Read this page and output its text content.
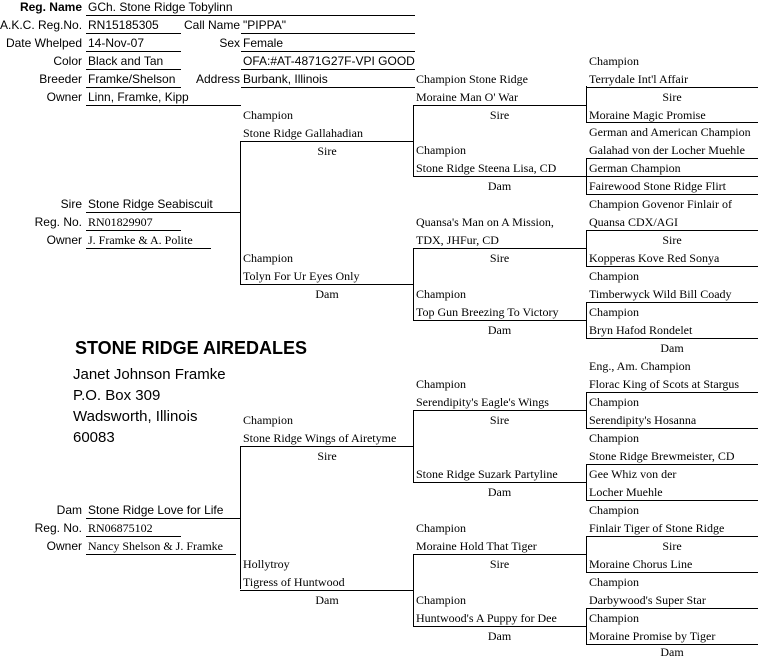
Reg. Name GCh. Stone Ridge Tobylinn
A.K.C. Reg.No. RN15185305	Call Name "PIPPA"
Date Whelped 14-Nov-07	Sex Female
Color Black and Tan	OFA:#AT-4871G27F-VPI GOOD
Breeder Framke/Shelson	Address Burbank, Illinois
Owner Linn, Framke, Kipp
Sire Stone Ridge Seabiscuit
Reg. No. RN01829907
Owner J. Framke & A. Polite
STONE RIDGE AIREDALES
Janet Johnson Framke
P.O. Box 309
Wadsworth, Illinois
60083
Dam Stone Ridge Love for Life
Reg. No. RN06875102
Owner Nancy Shelson & J. Framke
Champion
Stone Ridge Gallahadian
Sire
Champion
Tolyn For Ur Eyes Only
Dam
Champion
Stone Ridge Wings of Airetyme
Sire
Hollytroy
Tigress of Huntwood
Dam
Champion Stone Ridge
Moraine Man O' War
Sire
Champion
Stone Ridge Steena Lisa, CD
Dam
Quansa's Man on A Mission,
TDX, JHFur, CD
Sire
Champion
Top Gun Breezing To Victory
Dam
Champion
Serendipity's Eagle's Wings
Sire
Stone Ridge Suzark Partyline
Dam
Champion
Moraine Hold That Tiger
Sire
Champion
Huntwood's A Puppy for Dee
Dam
Champion
Terrydale Int'l Affair
Sire
Moraine Magic Promise
German and American Champion
Galahad von der Locher Muehle
German Champion
Fairewood Stone Ridge Flirt
Champion Govenor Finlair of
Quansa CDX/AGI
Sire
Kopperas Kove Red Sonya
Champion
Timberwyck Wild Bill Coady
Champion
Bryn Hafod Rondelet
Dam
Eng., Am. Champion
Florac King of Scots at Stargus
Champion
Serendipity's Hosanna
Champion
Stone Ridge Brewmeister, CD
Gee Whiz von der
Locher Muehle
Champion
Finlair Tiger of Stone Ridge
Sire
Moraine Chorus Line
Champion
Darbywood's Super Star
Champion
Moraine Promise by Tiger
Dam
